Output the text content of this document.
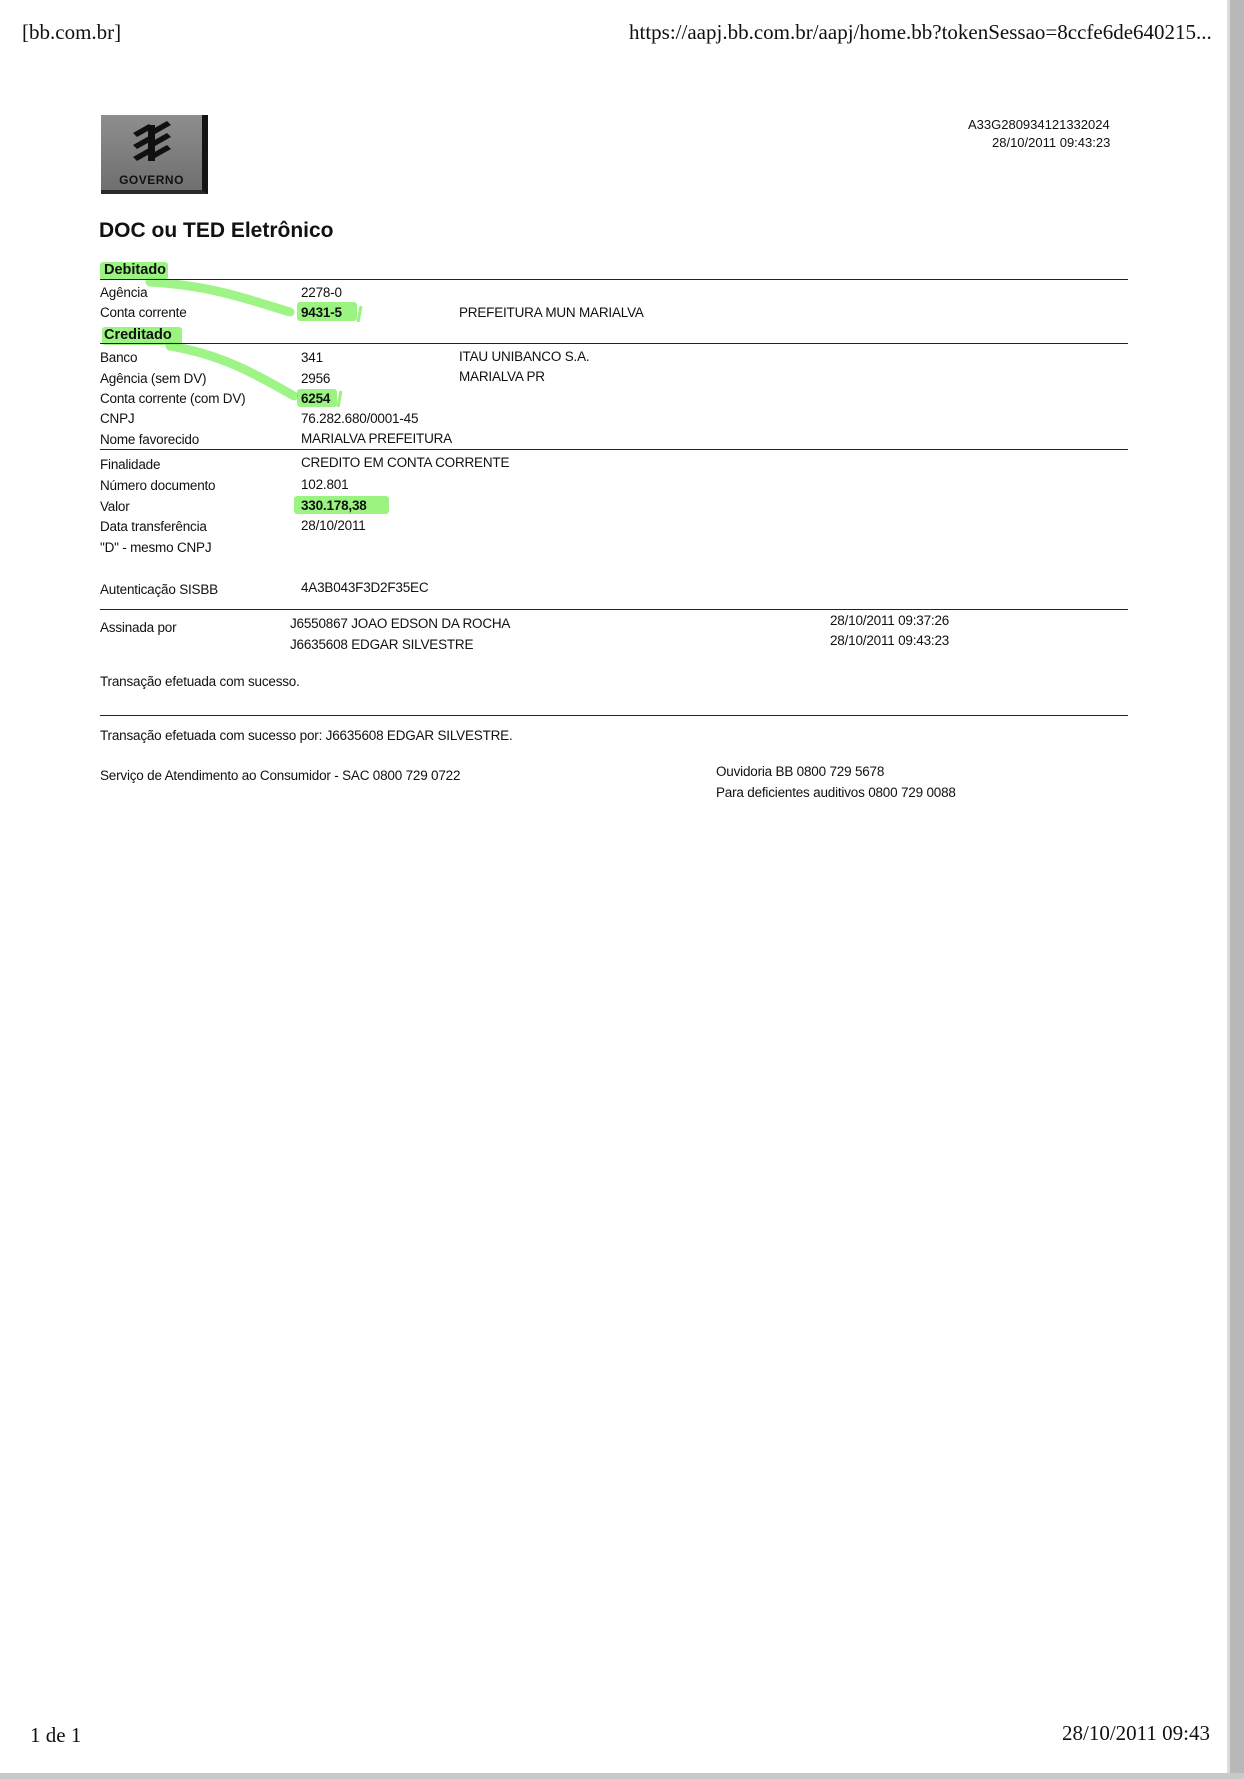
[bb.com.br]	https://aapj.bb.com.br/aapj/home.bb?tokenSessao=8ccfe6de640215...
GOVERNO
A33G280934121332024
28/10/2011 09:43:23
DOC ou TED Eletrônico
Debitado
Agência	2278-0
Conta corrente	9431-5	PREFEITURA MUN MARIALVA
Creditado
Banco	341	ITAU UNIBANCO S.A.
Agência (sem DV)	2956	MARIALVA PR
Conta corrente (com DV)	6254
CNPJ	76.282.680/0001-45
Nome favorecido	MARIALVA PREFEITURA
Finalidade	CREDITO EM CONTA CORRENTE
Número documento	102.801
Valor	330.178,38
Data transferência	28/10/2011
"D" - mesmo CNPJ
Autenticação SISBB	4A3B043F3D2F35EC
Assinada por	J6550867 JOAO EDSON DA ROCHA	28/10/2011 09:37:26
J6635608 EDGAR SILVESTRE	28/10/2011 09:43:23
Transação efetuada com sucesso.
Transação efetuada com sucesso por: J6635608 EDGAR SILVESTRE.
Serviço de Atendimento ao Consumidor - SAC 0800 729 0722	Ouvidoria BB 0800 729 5678
Para deficientes auditivos 0800 729 0088
1 de 1	28/10/2011 09:43
